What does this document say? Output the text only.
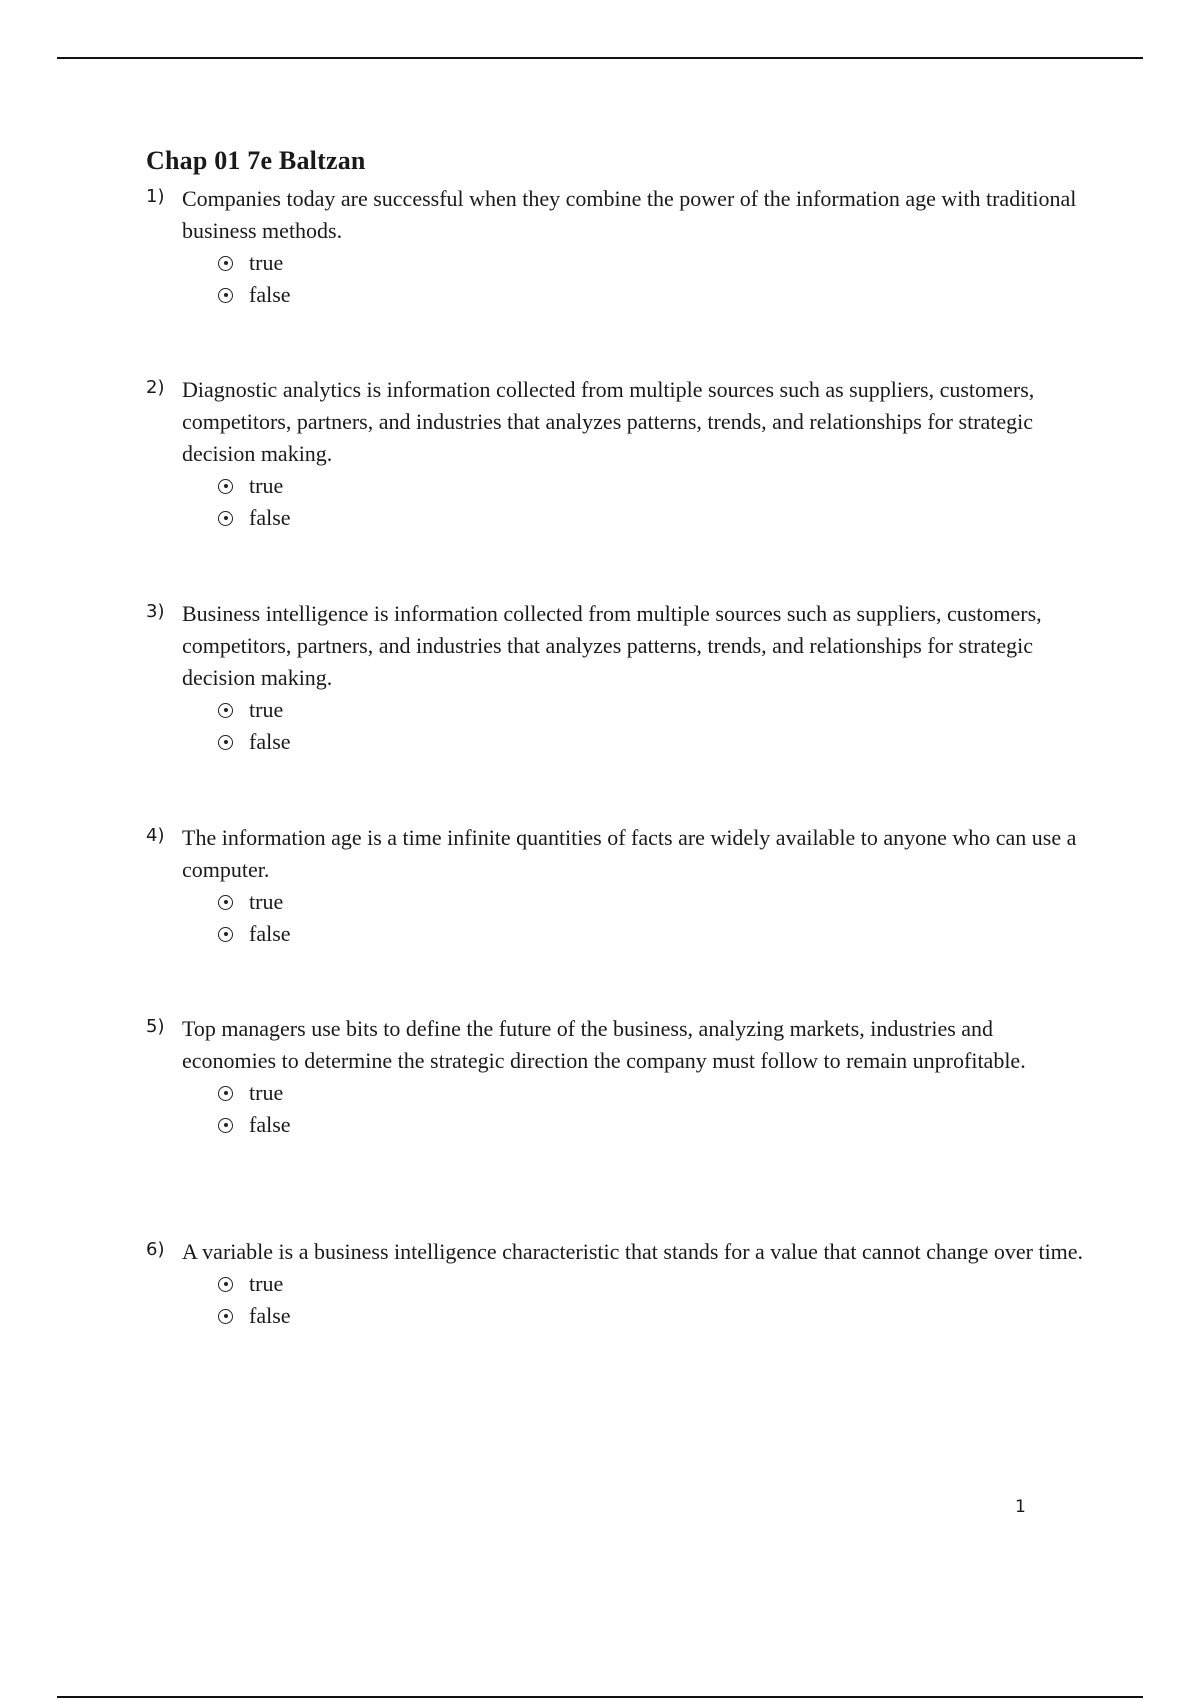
Chap 01 7e Baltzan
1) Companies today are successful when they combine the power of the information age with traditional business methods.
true
false
2) Diagnostic analytics is information collected from multiple sources such as suppliers, customers, competitors, partners, and industries that analyzes patterns, trends, and relationships for strategic decision making.
true
false
3) Business intelligence is information collected from multiple sources such as suppliers, customers, competitors, partners, and industries that analyzes patterns, trends, and relationships for strategic decision making.
true
false
4) The information age is a time infinite quantities of facts are widely available to anyone who can use a computer.
true
false
5) Top managers use bits to define the future of the business, analyzing markets, industries and economies to determine the strategic direction the company must follow to remain unprofitable.
true
false
6) A variable is a business intelligence characteristic that stands for a value that cannot change over time.
true
false
1
